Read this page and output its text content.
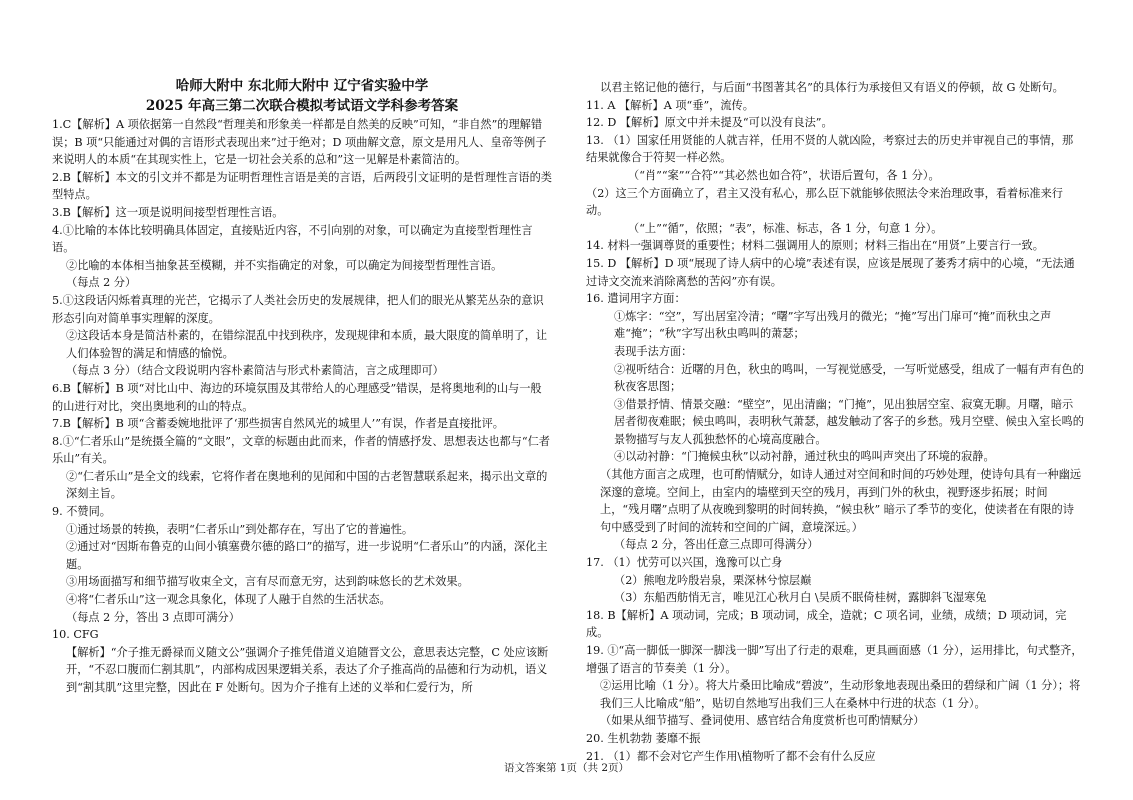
哈师大附中 东北师大附中 辽宁省实验中学
2025 年高三第二次联合模拟考试语文学科参考答案

1.C【解析】A 项依据第一自然段“哲理美和形象美一样都是自然美的反映”可知，“非自然”的理解错误；B 项“只能通过对偶的言语形式表现出来”过于绝对；D 项曲解文意，原文是用凡人、皇帝等例子来说明人的本质“在其现实性上，它是一切社会关系的总和”这一见解是朴素简洁的。

2.B【解析】本文的引文并不都是为证明哲理性言语是美的言语，后两段引文证明的是哲理性言语的类型特点。

3.B【解析】这一项是说明间接型哲理性言语。

4.①比喻的本体比较明确具体固定，直接贴近内容，不引向别的对象，可以确定为直接型哲理性言语。

②比喻的本体相当抽象甚至模糊，并不实指确定的对象，可以确定为间接型哲理性言语。

（每点 2 分）

5.①这段话闪烁着真理的光芒，它揭示了人类社会历史的发展规律，把人们的眼光从繁芜丛杂的意识形态引向对简单事实理解的深度。

②这段话本身是简洁朴素的，在错综混乱中找到秩序，发现规律和本质，最大限度的简单明了，让人们体验智的满足和情感的愉悦。

（每点 3 分）（结合文段说明内容朴素简洁与形式朴素简洁，言之成理即可）

6.B【解析】B 项“对比山中、海边的环境氛围及其带给人的心理感受”错误，是将奥地利的山与一般的山进行对比，突出奥地利的山的特点。

7.B【解析】B 项“含蓄委婉地批评了‘那些损害自然风光的城里人’”有误，作者是直接批评。

8.①“仁者乐山”是统摄全篇的“文眼”，文章的标题由此而来，作者的情感抒发、思想表达也都与“仁者乐山”有关。

②“仁者乐山”是全文的线索，它将作者在奥地利的见闻和中国的古老智慧联系起来，揭示出文章的深刻主旨。

9. 不赞同。

①通过场景的转换，表明“仁者乐山”到处都存在，写出了它的普遍性。

②通过对“因斯布鲁克的山间小镇塞费尔德的路口”的描写，进一步说明“仁者乐山”的内涵，深化主题。

③用场面描写和细节描写收束全文，言有尽而意无穷，达到韵味悠长的艺术效果。

④将“仁者乐山”这一观念具象化，体现了人融于自然的生活状态。

（每点 2 分，答出 3 点即可满分）

10. CFG

【解析】“介子推无爵禄而义随文公”强调介子推凭借道义追随晋文公，意思表达完整，C 处应该断开，“不忍口腹而仁割其肌”，内部构成因果逻辑关系，表达了介子推高尚的品德和行为动机，语义到“割其肌”这里完整，因此在 F 处断句。因为介子推有上述的义举和仁爱行为，所

以君主铭记他的德行，与后面“书图著其名”的具体行为承接但又有语义的停顿，故 G 处断句。

11. A 【解析】A 项“垂”，流传。

12. D 【解析】原文中并未提及“可以没有良法”。

13. （1）国家任用贤能的人就吉祥，任用不贤的人就凶险，考察过去的历史并审视自己的事情，那结果就像合于符契一样必然。

（“肖”“案”“合符”“其必然也如合符”，状语后置句，各 1 分）。

（2）这三个方面确立了，君主又没有私心，那么臣下就能够依照法令来治理政事，看着标准来行动。

（“上”“循”，依照；“表”，标准、标志，各 1 分，句意 1 分）。

14. 材料一强调尊贤的重要性；材料二强调用人的原则；材料三指出在“用贤”上要言行一致。

15. D 【解析】D 项“展现了诗人病中的心境”表述有误，应该是展现了萎秀才病中的心境，“无法通过诗文交流来消除离愁的苦闷”亦有误。

16. 遣词用字方面：

①炼字：“空”，写出居室冷清；“曙”字写出残月的微光；“掩”写出门扉可“掩”而秋虫之声难“掩”；“秋”字写出秋虫鸣叫的萧瑟；

表现手法方面：

②视听结合：近曙的月色，秋虫的鸣叫，一写视觉感受，一写听觉感受，组成了一幅有声有色的秋夜客思图；

③借景抒情、情景交融：“壁空”，见出清幽；“门掩”，见出独居空室、寂寞无聊。月曙，暗示居者彻夜难眠；候虫鸣叫，表明秋气萧瑟，越发触动了客子的乡愁。残月空壁、候虫入室长鸣的景物描写与友人孤独愁怀的心境高度融合。

④以动衬静：“门掩候虫秋”以动衬静，通过秋虫的鸣叫声突出了环境的寂静。

（其他方面言之成理，也可酌情赋分，如诗人通过对空间和时间的巧妙处理，使诗句具有一种幽远深邃的意境。空间上，由室内的墙壁到天空的残月，再到门外的秋虫，视野逐步拓展；时间上，“残月曙”点明了从夜晚到黎明的时间转换，“候虫秋” 暗示了季节的变化，使读者在有限的诗句中感受到了时间的流转和空间的广阔，意境深远。）

（每点 2 分，答出任意三点即可得满分）

17. （1）忧劳可以兴国，逸豫可以亡身

（2）熊咆龙吟殷岩泉，栗深林兮惊层巅

（3）东船西舫悄无言，唯见江心秋月白 \吴质不眠倚桂树，露脚斜飞湿寒兔

18. B【解析】A 项动词，完成；B 项动词，成全，造就；C 项名词，业绩，成绩；D 项动词，完成。

19. ①“高一脚低一脚深一脚浅一脚”写出了行走的艰难，更具画面感（1 分），运用排比，句式整齐，增强了语言的节奏美（1 分）。

②运用比喻（1 分）。将大片桑田比喻成“碧波”，生动形象地表现出桑田的碧绿和广阔（1 分）；将我们三人比喻成“船”，贴切自然地写出我们三人在桑林中行进的状态（1 分）。

（如果从细节描写、叠词使用、感官结合角度赏析也可酌情赋分）

20. 生机勃勃 萎靡不振

21. （1）都不会对它产生作用\植物听了都不会有什么反应

语文答案第 1页（共 2页）
